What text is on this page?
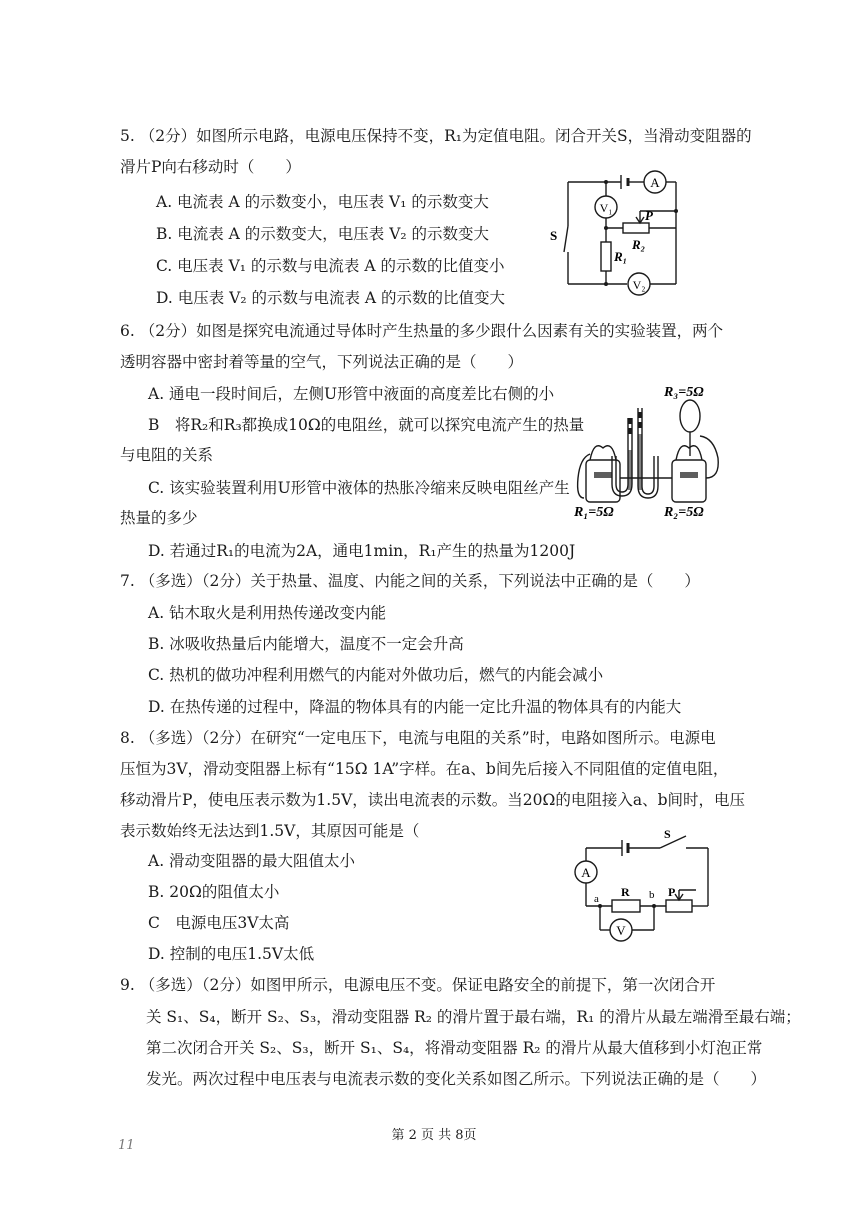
5. （2分）如图所示电路，电源电压保持不变，R₁为定值电阻。闭合开关S，当滑动变阻器的
滑片P向右移动时（　　）
A. 电流表 A 的示数变小，电压表 V₁ 的示数变大
B. 电流表 A 的示数变大，电压表 V₂ 的示数变大
C. 电压表 V₁ 的示数与电流表 A 的示数的比值变小
D. 电压表 V₂ 的示数与电流表 A 的示数的比值变大
A
V₁
V₂
P
R₂
R₁
S
6. （2分）如图是探究电流通过导体时产生热量的多少跟什么因素有关的实验装置，两个
透明容器中密封着等量的空气，下列说法正确的是（　　）
A. 通电一段时间后，左侧U形管中液面的高度差比右侧的小
B　将R₂和R₃都换成10Ω的电阻丝，就可以探究电流产生的热量
与电阻的关系
C. 该实验装置利用U形管中液体的热胀冷缩来反映电阻丝产生
热量的多少
D. 若通过R₁的电流为2A，通电1min，R₁产生的热量为1200J
R₃=5Ω
R₁=5Ω	R₂=5Ω
7. （多选）（2分）关于热量、温度、内能之间的关系，下列说法中正确的是（　　）
A. 钻木取火是利用热传递改变内能
B. 冰吸收热量后内能增大，温度不一定会升高
C. 热机的做功冲程利用燃气的内能对外做功后，燃气的内能会减小
D. 在热传递的过程中，降温的物体具有的内能一定比升温的物体具有的内能大
8. （多选）（2分）在研究“一定电压下，电流与电阻的关系”时，电路如图所示。电源电
压恒为3V，滑动变阻器上标有“15Ω 1A”字样。在a、b间先后接入不同阻值的定值电阻，
移动滑片P，使电压表示数为1.5V，读出电流表的示数。当20Ω的电阻接入a、b间时，电压
表示数始终无法达到1.5V，其原因可能是（
A. 滑动变阻器的最大阻值太小
B. 20Ω的阻值太小
C　电源电压3V太高
D. 控制的电压1.5V太低
S
A
R
a	b P
V
9. （多选）（2分）如图甲所示，电源电压不变。保证电路安全的前提下，第一次闭合开
关 S₁、S₄，断开 S₂、S₃，滑动变阻器 R₂ 的滑片置于最右端，R₁ 的滑片从最左端滑至最右端；
第二次闭合开关 S₂、S₃，断开 S₁、S₄，将滑动变阻器 R₂ 的滑片从最大值移到小灯泡正常
发光。两次过程中电压表与电流表示数的变化关系如图乙所示。下列说法正确的是（　　）
第 2 页 共 8页
11
